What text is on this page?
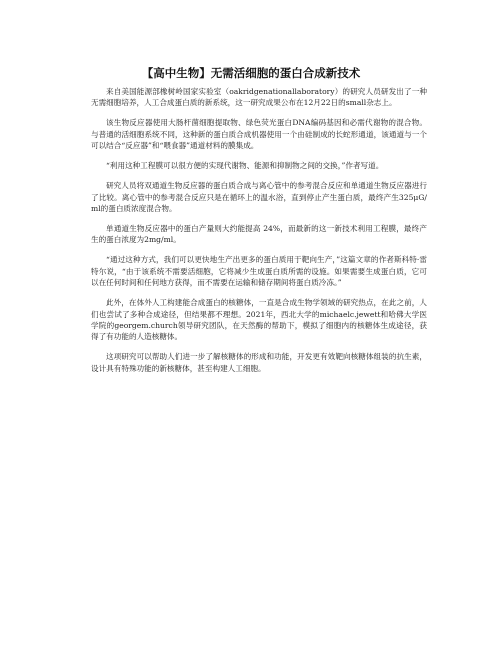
【高中生物】无需活细胞的蛋白合成新技术

来自美国能源部橡树岭国家实验室（oakridgenationallaboratory）的研究人员研发出了一种无需细胞培养，人工合成蛋白质的新系统，这一研究成果公布在12月22日的small杂志上。

该生物反应器使用大肠杆菌细胞提取物、绿色荧光蛋白DNA编码基因和必需代谢物的混合物。与普通的活细胞系统不同，这种新的蛋白质合成机器使用一个由硅制成的长蛇形通道，该通道与一个可以结合“反应器”和“喂食器”通道材料的膜集成。

“利用这种工程膜可以很方便的实现代谢物、能源和抑制物之间的交换，”作者写道。

研究人员将双通道生物反应器的蛋白质合成与离心管中的参考混合反应和单通道生物反应器进行了比较。离心管中的参考混合反应只是在循环上的温水浴，直到停止产生蛋白质，最终产生325μG/ml的蛋白质浓度混合物。

单通道生物反应器中的蛋白产量则大约能提高 24%，而最新的这一新技术利用工程膜，最终产生的蛋白浓度为2mg/ml。

“通过这种方式，我们可以更快地生产出更多的蛋白质用于靶向生产，”这篇文章的作者斯科特·雷特尔说，“由于该系统不需要活细胞，它将减少生成蛋白质所需的设施。如果需要生成蛋白质，它可以在任何时间和任何地方获得，而不需要在运输和储存期间将蛋白质冷冻。”

此外，在体外人工构建能合成蛋白的核糖体，一直是合成生物学领域的研究热点，在此之前，人们也尝试了多种合成途径，但结果都不理想。2021年，西北大学的michaelc.jewett和哈佛大学医学院的georgem.church领导研究团队，在天然酶的帮助下，模拟了细胞内的核糖体生成途径，获得了有功能的人造核糖体。

这项研究可以帮助人们进一步了解核糖体的形成和功能，开发更有效靶向核糖体组装的抗生素，设计具有特殊功能的新核糖体，甚至构建人工细胞。
